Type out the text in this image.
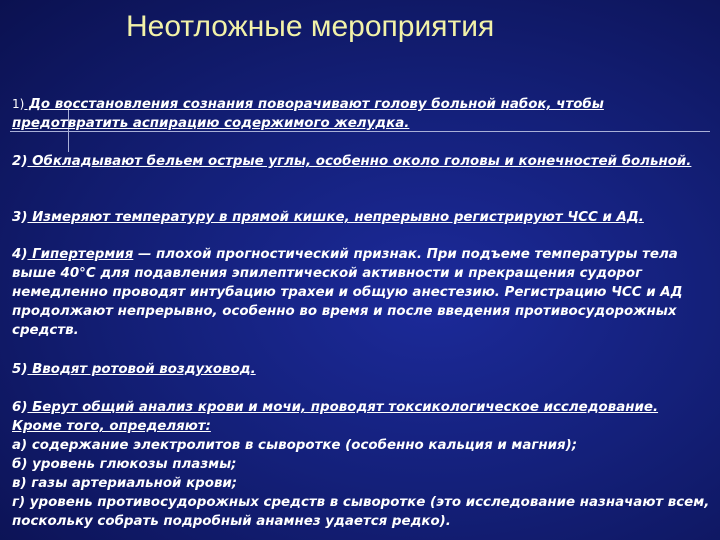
Неотложные мероприятия

1) До восстановления сознания поворачивают голову больной набок, чтобы предотвратить аспирацию содержимого желудка.

2) Обкладывают бельем острые углы, особенно около головы и конечностей больной.

3) Измеряют температуру в прямой кишке, непрерывно регистрируют ЧСС и АД.

4) Гипертермия — плохой прогностический признак. При подъеме температуры тела выше 40°С для подавления эпилептической активности и прекращения судорог немедленно проводят интубацию трахеи и общую анестезию. Регистрацию ЧСС и АД продолжают непрерывно, особенно во время и после введения противосудорожных средств.

5) Вводят ротовой воздуховод.

6) Берут общий анализ крови и мочи, проводят токсикологическое исследование. Кроме того, определяют:
а) содержание электролитов в сыворотке (особенно кальция и магния);
б) уровень глюкозы плазмы;
в) газы артериальной крови;
г) уровень противосудорожных средств в сыворотке (это исследование назначают всем, поскольку собрать подробный анамнез удается редко).
